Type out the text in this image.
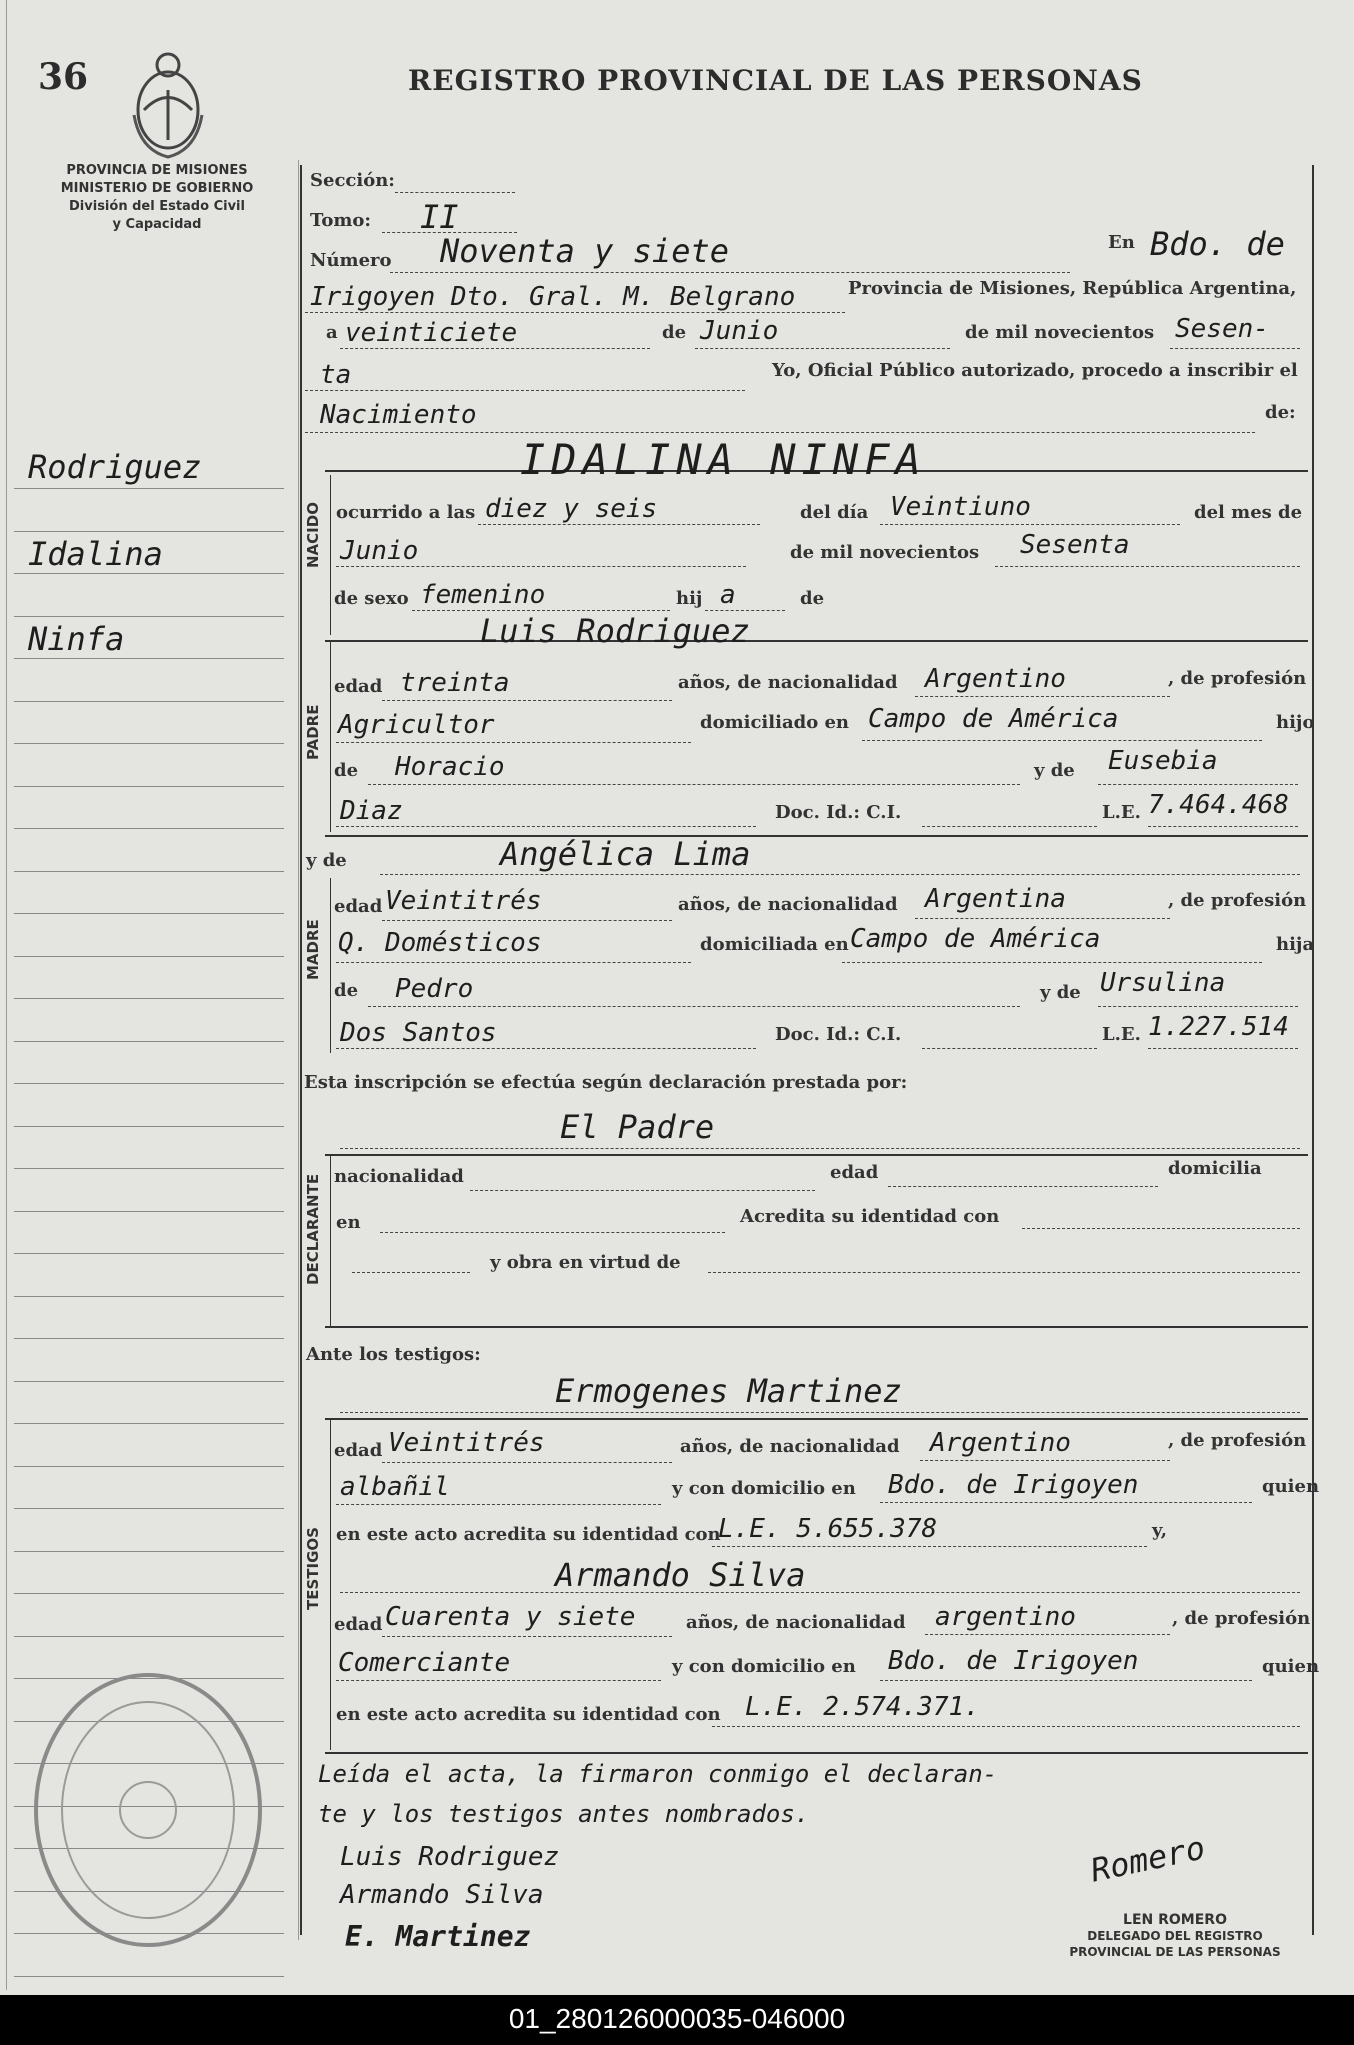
36	REGISTRO PROVINCIAL DE LAS PERSONAS
PROVINCIA DE MISIONES
MINISTERIO DE GOBIERNO
División del Estado Civil
y Capacidad
Rodriguez
Idalina
Ninfa
Sección:
Tomo: II
Número Noventa y siete	En Bdo. de
Irigoyen Dto. Gral. M. Belgrano	Provincia de Misiones, República Argentina,
a veinticiete	de Junio	de mil novecientos Sesen-
ta	Yo, Oficial Público autorizado, procedo a inscribir el
Nacimiento	de:
IDALINA NINFA
NACIDO ocurrido a las diez y seis	del día Veintiuno	del mes de
Junio	de mil novecientos Sesenta
de sexo femenino	hij a	de
Luis Rodriguez
PADRE
edad treinta	años, de nacionalidad Argentino	, de profesión
Agricultor	domiciliado en Campo de América	hijo
de Horacio	y de Eusebia
Diaz	Doc. Id.: C.I.	L.E. 7.464.468
y de	Angélica Lima
MADRE
edad Veintitrés	años, de nacionalidad Argentina	, de profesión
Q. Domésticos	domiciliada en Campo de América	hija
de Pedro	y de Ursulina
Dos Santos	Doc. Id.: C.I.	L.E. 1.227.514
Esta inscripción se efectúa según declaración prestada por:
El Padre
DECLARANTE nacionalidad	edad	domicilia
en	Acredita su identidad con
y obra en virtud de
Ante los testigos:
Ermogenes Martinez
TESTIGOS
edad Veintitrés	años, de nacionalidad Argentino	, de profesión
albañil	y con domicilio en Bdo. de Irigoyen	quien
en este acto acredita su identidad con
L.E. 5.655.378	y,
Armando Silva
edad Cuarenta y siete	años, de nacionalidad argentino	, de profesión
Comerciante	y con domicilio en Bdo. de Irigoyen	quien
en este acto acredita su identidad con L.E. 2.574.371.
Leída el acta, la firmaron conmigo el declaran-
te y los testigos antes nombrados.
Luis Rodriguez
Armando Silva
E. Martinez
Romero
LEN ROMERO
DELEGADO DEL REGISTRO
PROVINCIAL DE LAS PERSONAS
01_280126000035-046000
